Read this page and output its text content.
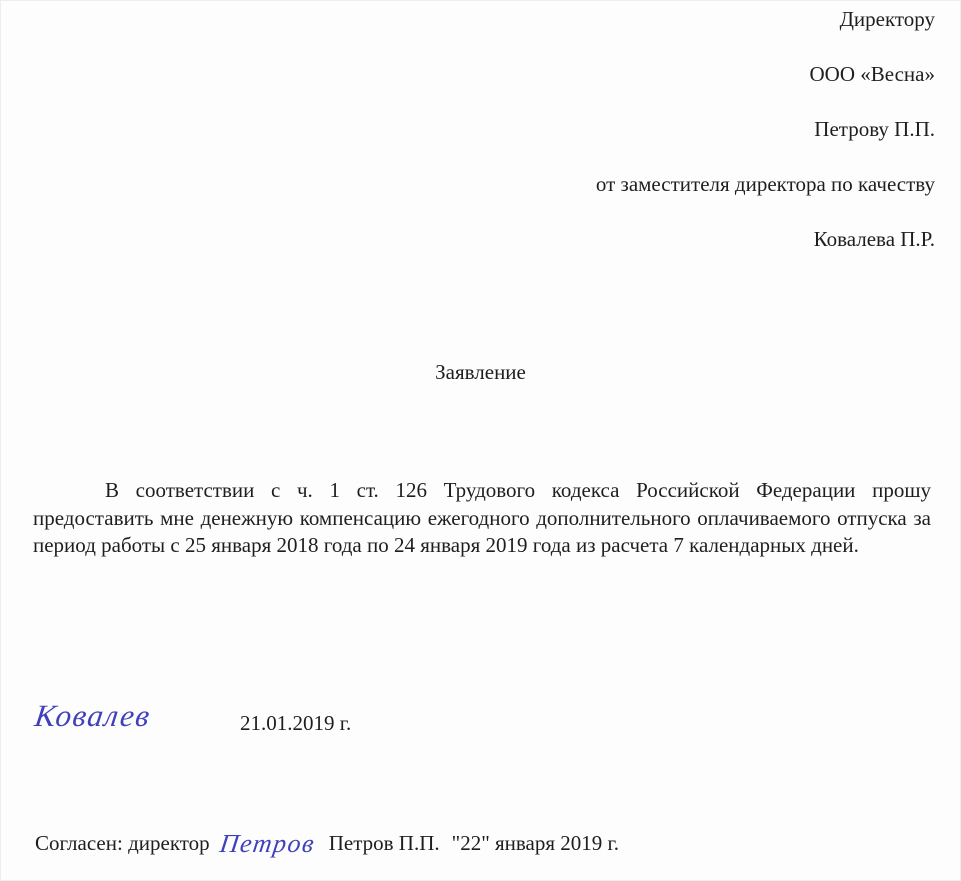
Директору
ООО «Весна»
Петрову П.П.
от заместителя директора по качеству
Ковалева П.Р.
Заявление
В соответствии с ч. 1 ст. 126 Трудового кодекса Российской Федерации прошу предоставить мне денежную компенсацию ежегодного дополнительного оплачиваемого отпуска за период работы с 25 января 2018 года по 24 января 2019 года из расчета 7 календарных дней.
Ковалев	21.01.2019 г.
Согласен: директор Петров Петров П.П. "22" января 2019 г.
